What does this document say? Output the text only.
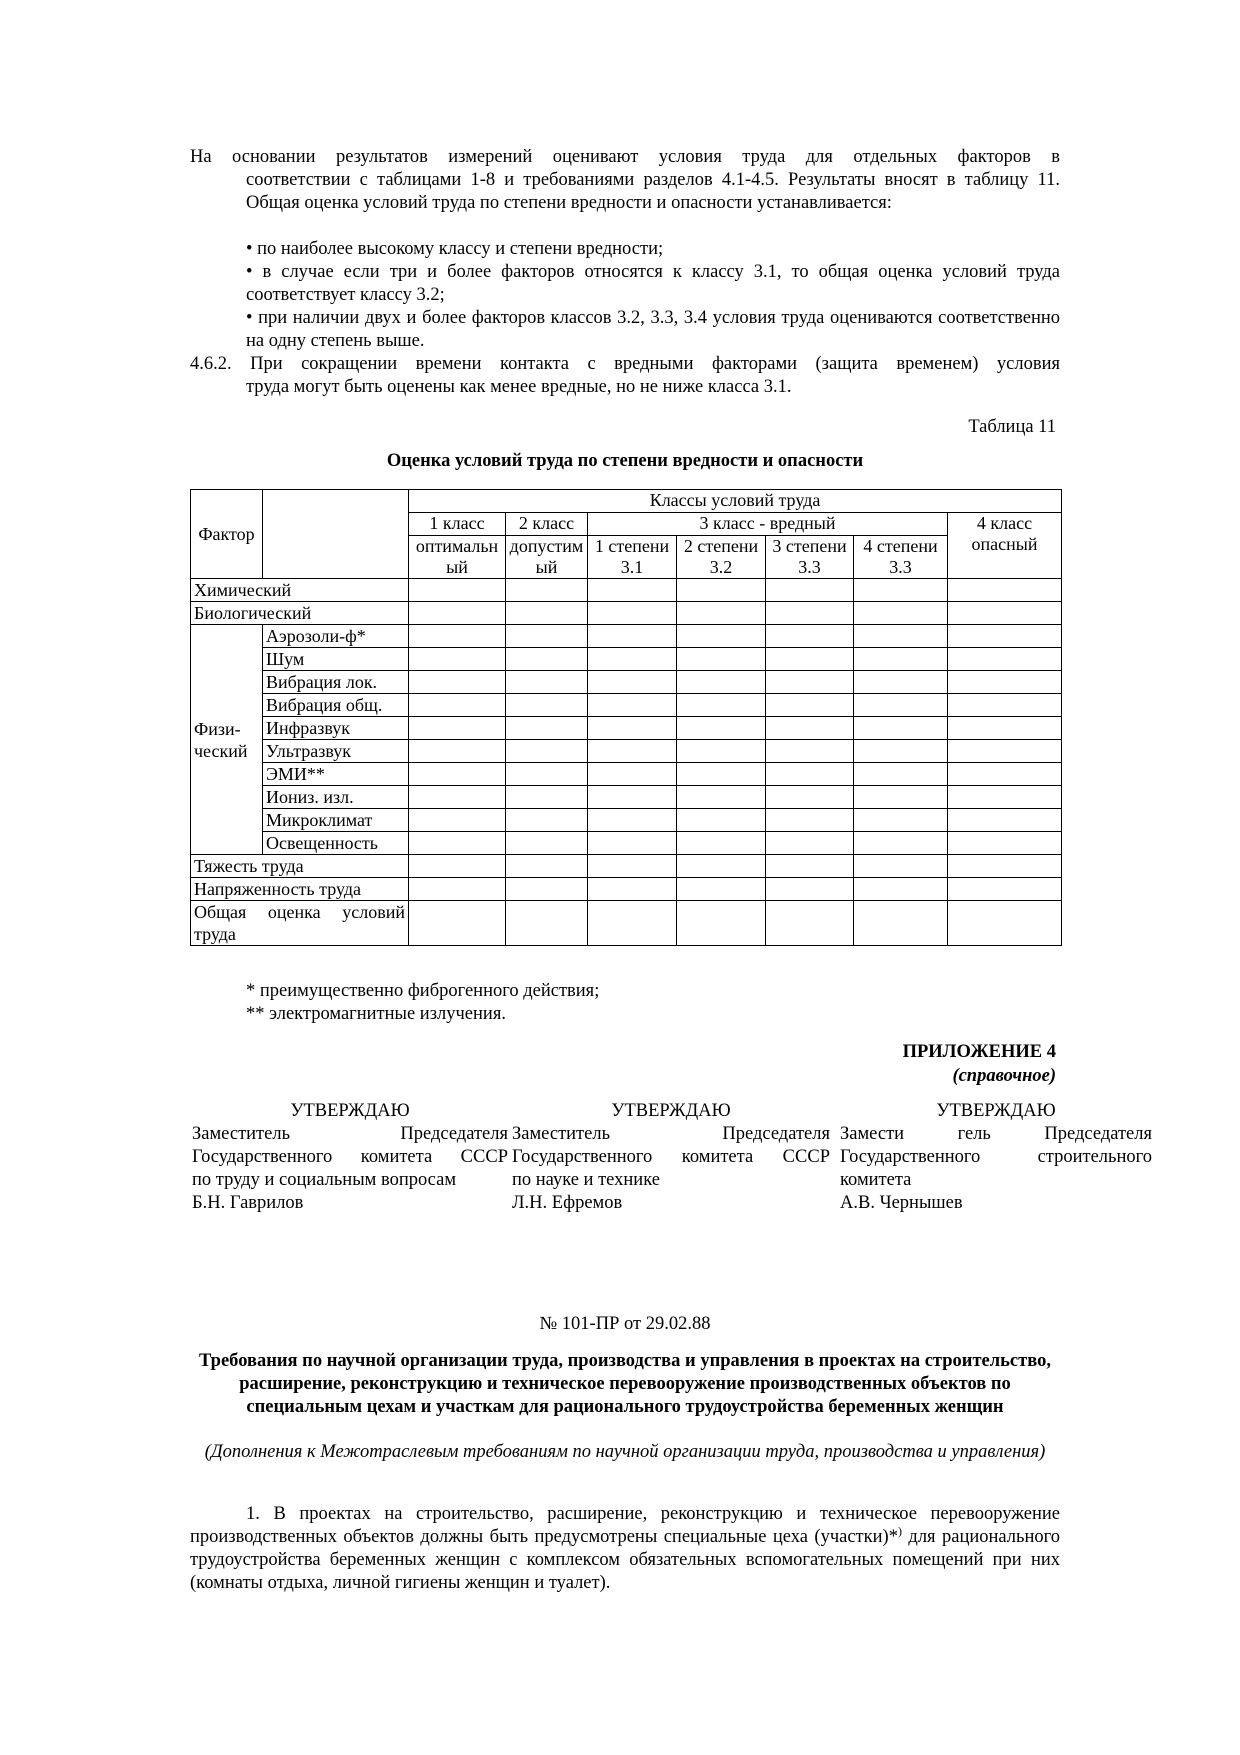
На основании результатов измерений оценивают условия труда для отдельных факторов в
соответствии с таблицами 1-8 и требованиями разделов 4.1-4.5. Результаты вносят в таблицу 11. Общая оценка условий труда по степени вредности и опасности устанавливается:
• по наиболее высокому классу и степени вредности;
• в случае если три и более факторов относятся к классу 3.1, то общая оценка условий труда соответствует классу 3.2;
• при наличии двух и более факторов классов 3.2, 3.3, 3.4 условия труда оцениваются соответственно на одну степень выше.
4.6.2. При сокращении времени контакта с вредными факторами (защита временем) условия
труда могут быть оценены как менее вредные, но не ниже класса 3.1.
Таблица 11
Оценка условий труда по степени вредности и опасности
Фактор		Классы условий труда						
		1 класс	2 класс	3 класс - вредный				4 класс
опасный

		оптимальн ый	допустим ый	1 степени 3.1	2 степени 3.2	3 степени 3.3	4 степени 3.3	
Химический								
Биологический								
Физи-ческий	Аэрозоли-ф*							
	Шум							
	Вибрация лок.							
	Вибрация общ.							
	Инфразвук							
	Ультразвук							
	ЭМИ**							
	Иониз. изл.							
	Микроклимат							
	Освещенность							
Тяжесть труда								
Напряженность труда								
Общая оценка условий труда								
* преимущественно фиброгенного действия;
** электромагнитные излучения.
ПРИЛОЖЕНИЕ 4
(справочное)
УТВЕРЖДАЮ
Заместитель Председателя
Государственного комитета СССР
по труду и социальным вопросам
Б.Н. Гаврилов
УТВЕРЖДАЮ
Заместитель Председателя
Государственного комитета СССР
по науке и технике
Л.Н. Ефремов
УТВЕРЖДАЮ
Замести гель Председателя
Государственного строительного
комитета
А.В. Чернышев
№ 101-ПР от 29.02.88
Требования по научной организации труда, производства и управления в проектах на строительство, расширение, реконструкцию и техническое перевооружение производственных объектов по специальным цехам и участкам для рационального трудоустройства беременных женщин
(Дополнения к Межотраслевым требованиям по научной организации труда, производства и управления)
1. В проектах на строительство, расширение, реконструкцию и техническое перевооружение производственных объектов должны быть предусмотрены специальные цеха (участки)*) для рационального трудоустройства беременных женщин с комплексом обязательных вспомогательных помещений при них (комнаты отдыха, личной гигиены женщин и туалет).
